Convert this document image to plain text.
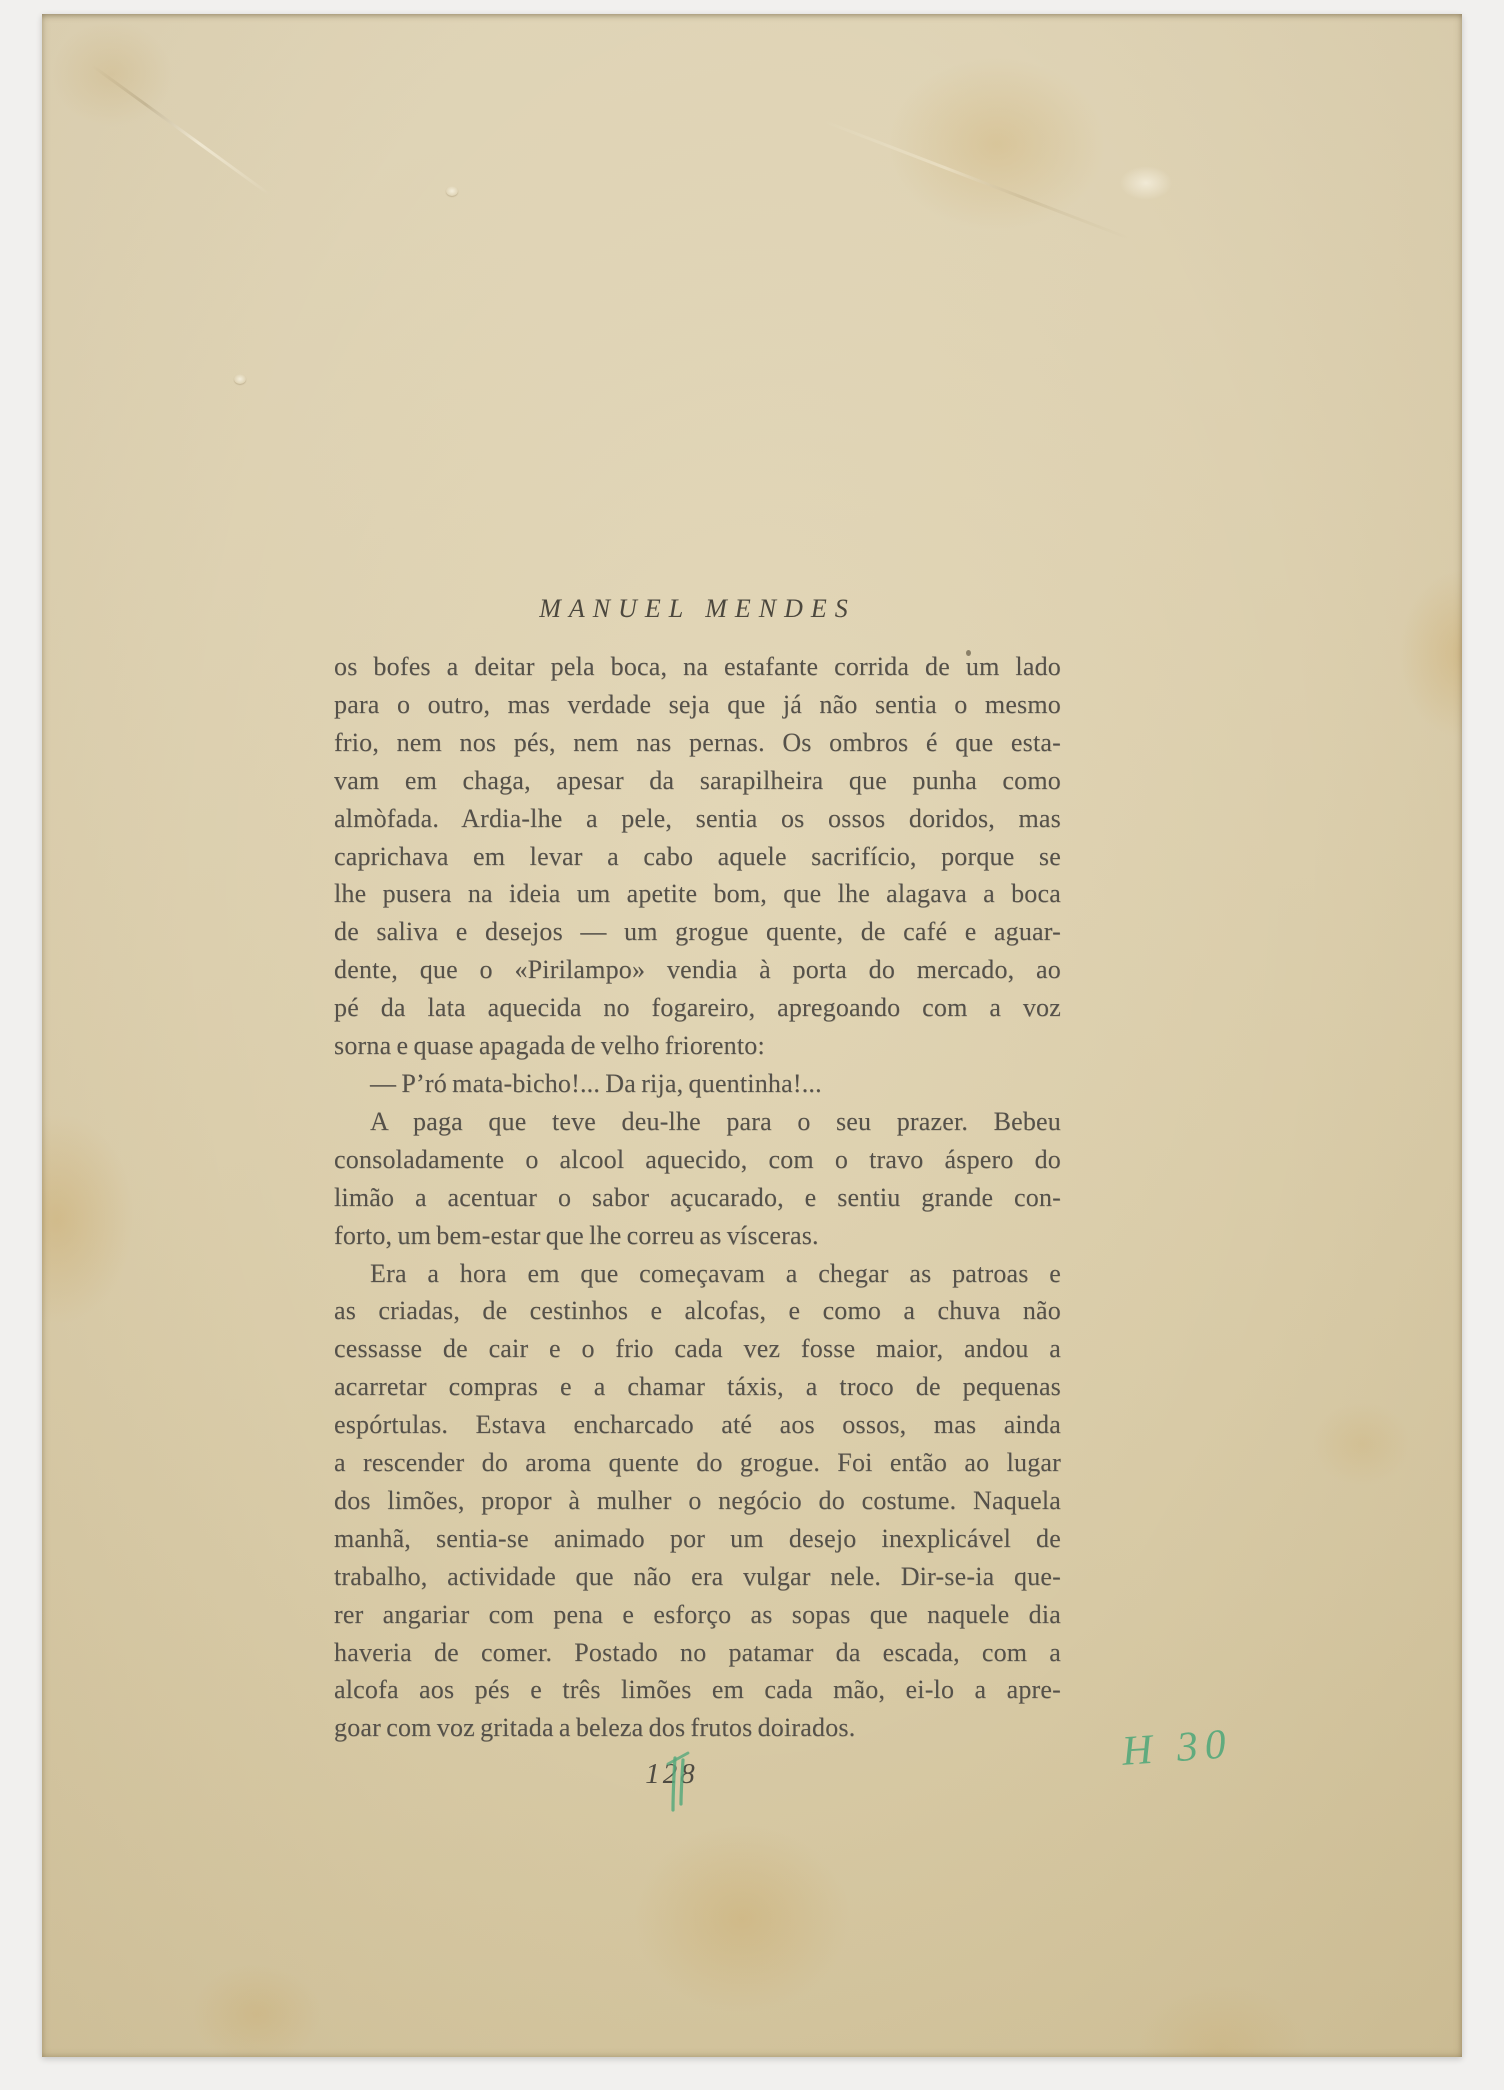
MANUEL MENDES
os bofes a deitar pela boca, na estafante corrida de um lado
para o outro, mas verdade seja que já não sentia o mesmo
frio, nem nos pés, nem nas pernas. Os ombros é que esta-
vam em chaga, apesar da sarapilheira que punha como
almòfada. Ardia-lhe a pele, sentia os ossos doridos, mas
caprichava em levar a cabo aquele sacrifício, porque se
lhe pusera na ideia um apetite bom, que lhe alagava a boca
de saliva e desejos — um grogue quente, de café e aguar-
dente, que o «Pirilampo» vendia à porta do mercado, ao
pé da lata aquecida no fogareiro, apregoando com a voz
sorna e quase apagada de velho friorento:
— P’ró mata-bicho!... Da rija, quentinha!...
A paga que teve deu-lhe para o seu prazer. Bebeu
consoladamente o alcool aquecido, com o travo áspero do
limão a acentuar o sabor açucarado, e sentiu grande con-
forto, um bem-estar que lhe correu as vísceras.
Era a hora em que começavam a chegar as patroas e
as criadas, de cestinhos e alcofas, e como a chuva não
cessasse de cair e o frio cada vez fosse maior, andou a
acarretar compras e a chamar táxis, a troco de pequenas
espórtulas. Estava encharcado até aos ossos, mas ainda
a rescender do aroma quente do grogue. Foi então ao lugar
dos limões, propor à mulher o negócio do costume. Naquela
manhã, sentia-se animado por um desejo inexplicável de
trabalho, actividade que não era vulgar nele. Dir-se-ia que-
rer angariar com pena e esforço as sopas que naquele dia
haveria de comer. Postado no patamar da escada, com a
alcofa aos pés e três limões em cada mão, ei-lo a apre-
goar com voz gritada a beleza dos frutos doirados.
128	H 30
